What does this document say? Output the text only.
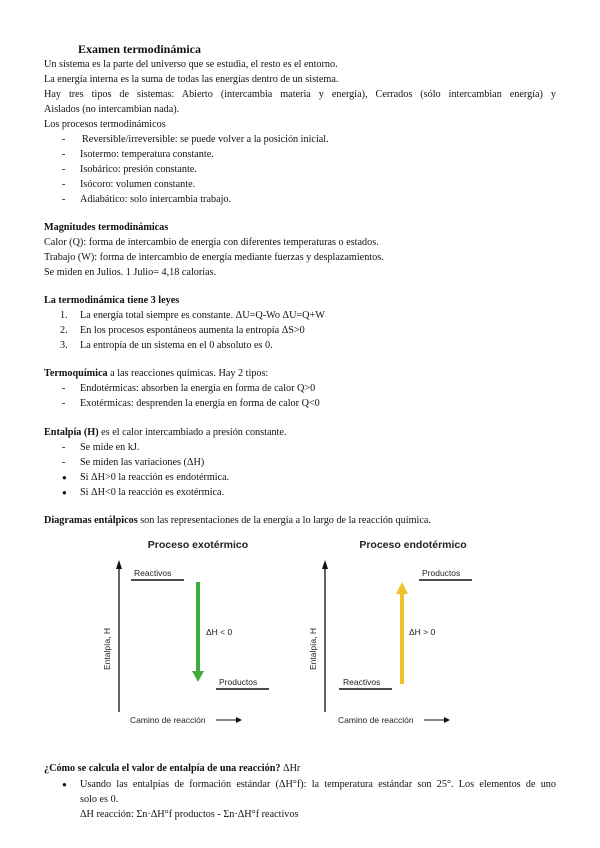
Examen termodinámica
Un sistema es la parte del universo que se estudia, el resto es el entorno.
La energía interna es la suma de todas las energías dentro de un sistema.
Hay tres tipos de sistemas: Abierto (intercambia materia y energía), Cerrados (sólo intercambian energía) y
Aislados (no intercambian nada).
Los procesos termodinámicos
- Reversible/irreversible: se puede volver a la posición inicial.
- Isotermo: temperatura constante.
- Isobárico: presión constante.
- Isócoro: volumen constante.
- Adiabático: solo intercambia trabajo.
Magnitudes termodinámicas
Calor (Q): forma de intercambio de energía con diferentes temperaturas o estados.
Trabajo (W): forma de intercambio de energía mediante fuerzas y desplazamientos.
Se miden en Julios. 1 Julio= 4,18 calorías.
La termodinámica tiene 3 leyes
1. La energía total siempre es constante. ΔU=Q-Wo ΔU=Q+W
2. En los procesos espontáneos aumenta la entropía ΔS>0
3. La entropía de un sistema en el 0 absoluto es 0.
Termoquímica a las reacciones químicas. Hay 2 tipos:
- Endotérmicas: absorben la energía en forma de calor Q>0
- Exotérmicas: desprenden la energía en forma de calor Q<0
Entalpía (H) es el calor intercambiado a presión constante.
- Se mide en kJ.
- Se miden las variaciones (ΔH)
● Si ΔH>0 la reacción es endotérmica.
● Si ΔH<0 la reacción es exotérmica.
Diagramas entálpicos son las representaciones de la energía a lo largo de la reacción química.
Proceso exotérmico
Entalpía, H
Reactivos
ΔH < 0
Productos
Camino de reacción
Proceso endotérmico
Entalpía, H
Productos
ΔH > 0
Reactivos
Camino de reacción
¿Cómo se calcula el valor de entalpía de una reacción? ΔHr
● Usando las entalpías de formación estándar (ΔH°f): la temperatura estándar son 25°. Los elementos de uno
solo es 0.
ΔH reacción: Σn·ΔH°f productos - Σn·ΔH°f reactivos
